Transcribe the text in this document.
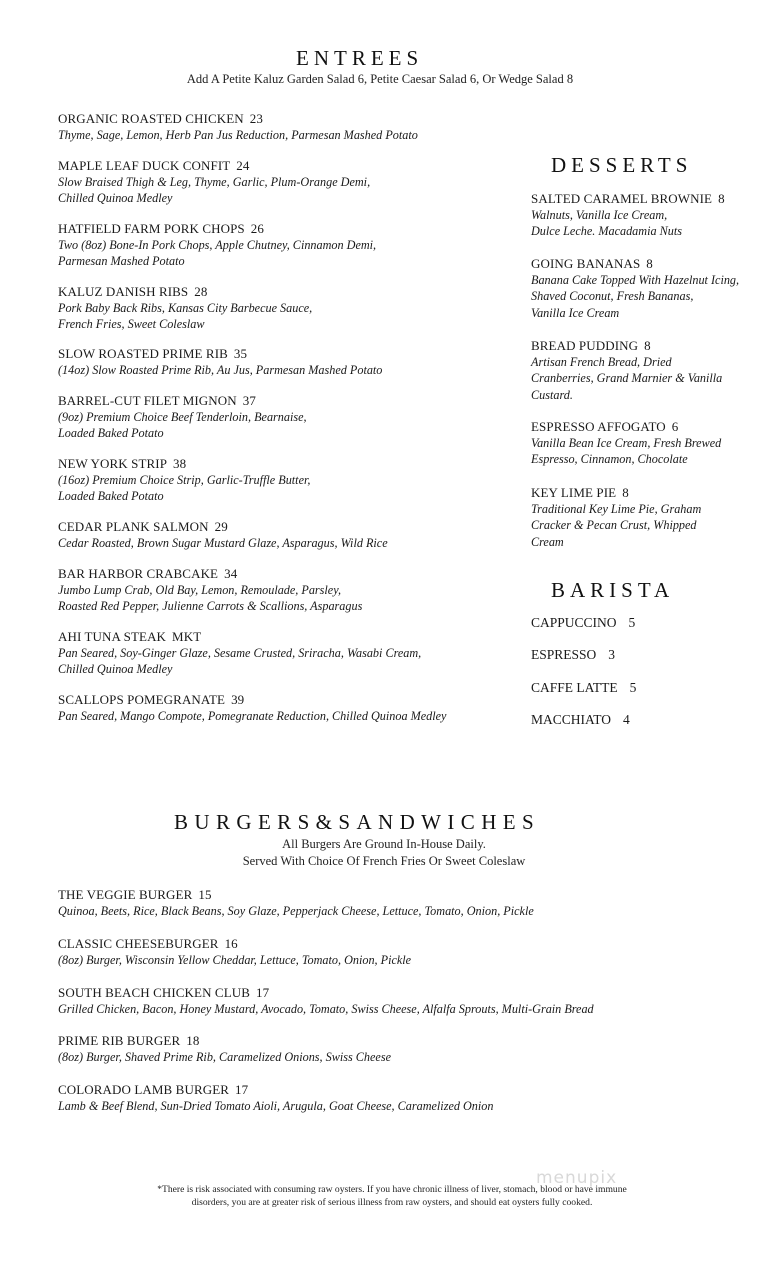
ENTREES
Add A Petite Kaluz Garden Salad 6, Petite Caesar Salad 6, Or Wedge Salad 8
ORGANIC ROASTED CHICKEN 23
Thyme, Sage, Lemon, Herb Pan Jus Reduction, Parmesan Mashed Potato
MAPLE LEAF DUCK CONFIT 24
Slow Braised Thigh & Leg, Thyme, Garlic, Plum-Orange Demi,
Chilled Quinoa Medley
HATFIELD FARM PORK CHOPS 26
Two (8oz) Bone-In Pork Chops, Apple Chutney, Cinnamon Demi,
Parmesan Mashed Potato
KALUZ DANISH RIBS 28
Pork Baby Back Ribs, Kansas City Barbecue Sauce,
French Fries, Sweet Coleslaw
SLOW ROASTED PRIME RIB 35
(14oz) Slow Roasted Prime Rib, Au Jus, Parmesan Mashed Potato
BARREL-CUT FILET MIGNON 37
(9oz) Premium Choice Beef Tenderloin, Bearnaise,
Loaded Baked Potato
NEW YORK STRIP 38
(16oz) Premium Choice Strip, Garlic-Truffle Butter,
Loaded Baked Potato
CEDAR PLANK SALMON 29
Cedar Roasted, Brown Sugar Mustard Glaze, Asparagus, Wild Rice
BAR HARBOR CRABCAKE 34
Jumbo Lump Crab, Old Bay, Lemon, Remoulade, Parsley,
Roasted Red Pepper, Julienne Carrots & Scallions, Asparagus
AHI TUNA STEAK MKT
Pan Seared, Soy-Ginger Glaze, Sesame Crusted, Sriracha, Wasabi Cream,
Chilled Quinoa Medley
SCALLOPS POMEGRANATE 39
Pan Seared, Mango Compote, Pomegranate Reduction, Chilled Quinoa Medley
DESSERTS
SALTED CARAMEL BROWNIE 8
Walnuts, Vanilla Ice Cream,
Dulce Leche. Macadamia Nuts
GOING BANANAS 8
Banana Cake Topped With Hazelnut Icing,
Shaved Coconut, Fresh Bananas,
Vanilla Ice Cream
BREAD PUDDING 8
Artisan French Bread, Dried
Cranberries, Grand Marnier & Vanilla
Custard.
ESPRESSO AFFOGATO 6
Vanilla Bean Ice Cream, Fresh Brewed
Espresso, Cinnamon, Chocolate
KEY LIME PIE 8
Traditional Key Lime Pie, Graham
Cracker & Pecan Crust, Whipped
Cream
BARISTA
CAPPUCCINO 5
ESPRESSO 3
CAFFE LATTE 5
MACCHIATO 4
BURGERS&SANDWICHES
All Burgers Are Ground In-House Daily.
Served With Choice Of French Fries Or Sweet Coleslaw
THE VEGGIE BURGER 15
Quinoa, Beets, Rice, Black Beans, Soy Glaze, Pepperjack Cheese, Lettuce, Tomato, Onion, Pickle
CLASSIC CHEESEBURGER 16
(8oz) Burger, Wisconsin Yellow Cheddar, Lettuce, Tomato, Onion, Pickle
SOUTH BEACH CHICKEN CLUB 17
Grilled Chicken, Bacon, Honey Mustard, Avocado, Tomato, Swiss Cheese, Alfalfa Sprouts, Multi-Grain Bread
PRIME RIB BURGER 18
(8oz) Burger, Shaved Prime Rib, Caramelized Onions, Swiss Cheese
COLORADO LAMB BURGER 17
Lamb & Beef Blend, Sun-Dried Tomato Aioli, Arugula, Goat Cheese, Caramelized Onion
menupix
*There is risk associated with consuming raw oysters. If you have chronic illness of liver, stomach, blood or have immune
disorders, you are at greater risk of serious illness from raw oysters, and should eat oysters fully cooked.
